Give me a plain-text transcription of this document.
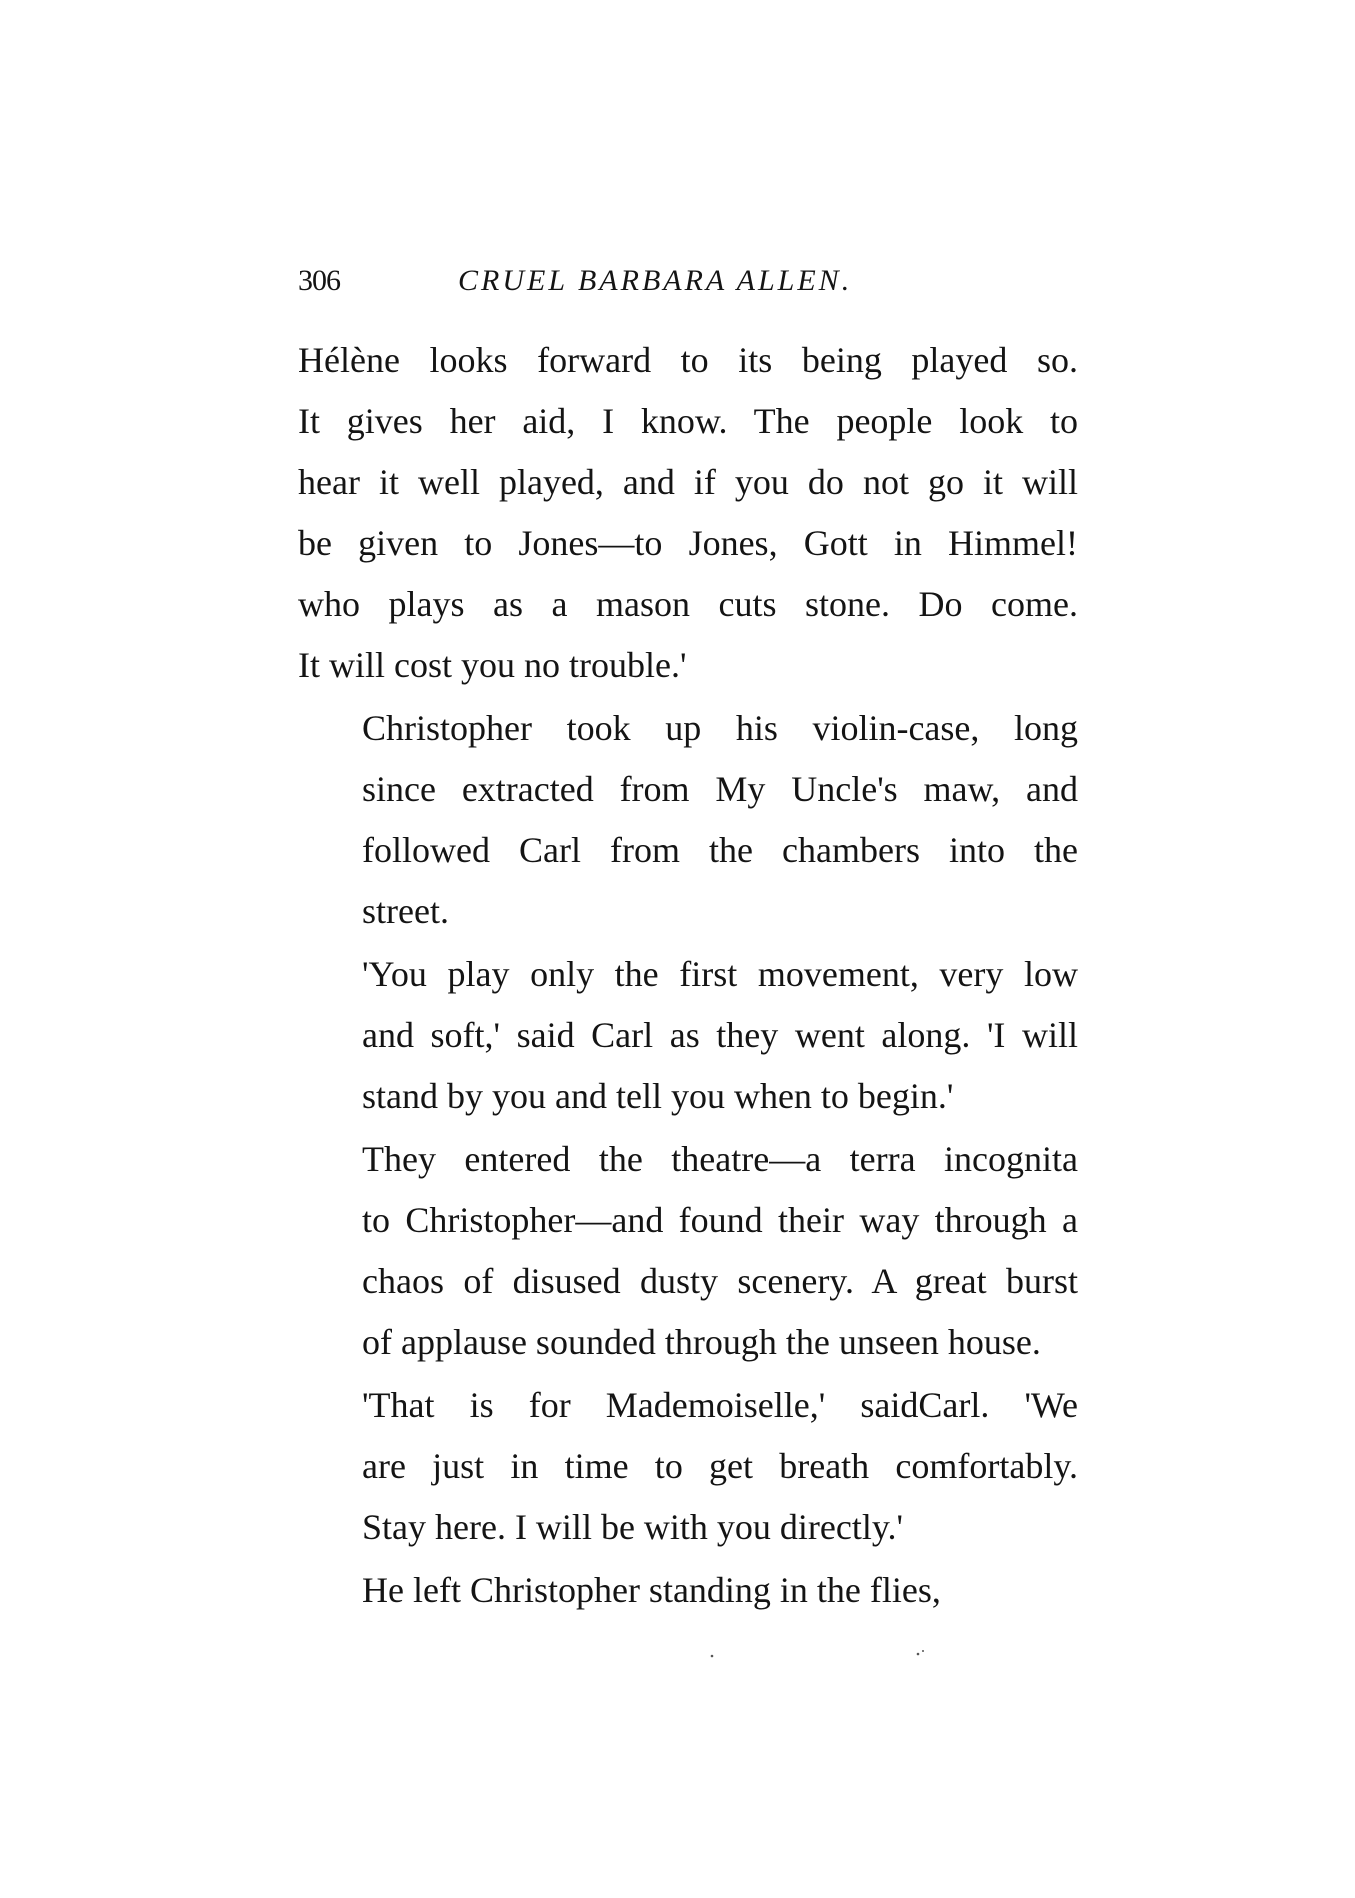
306	CRUEL BARBARA ALLEN.

Hélène looks forward to its being played so.
It gives her aid, I know. The people look to
hear it well played, and if you do not go it will
be given to Jones—to Jones, Gott in Himmel!
who plays as a mason cuts stone. Do come.
It will cost you no trouble.'

Christopher took up his violin-case, long
since extracted from My Uncle's maw, and
followed Carl from the chambers into the
street.

'You play only the first movement, very low
and soft,' said Carl as they went along. 'I will
stand by you and tell you when to begin.'

They entered the theatre—a terra incognita
to Christopher—and found their way through a
chaos of disused dusty scenery. A great burst
of applause sounded through the unseen house.

'That is for Mademoiselle,' saidCarl. 'We
are just in time to get breath comfortably.
Stay here. I will be with you directly.'

He left Christopher standing in the flies,
